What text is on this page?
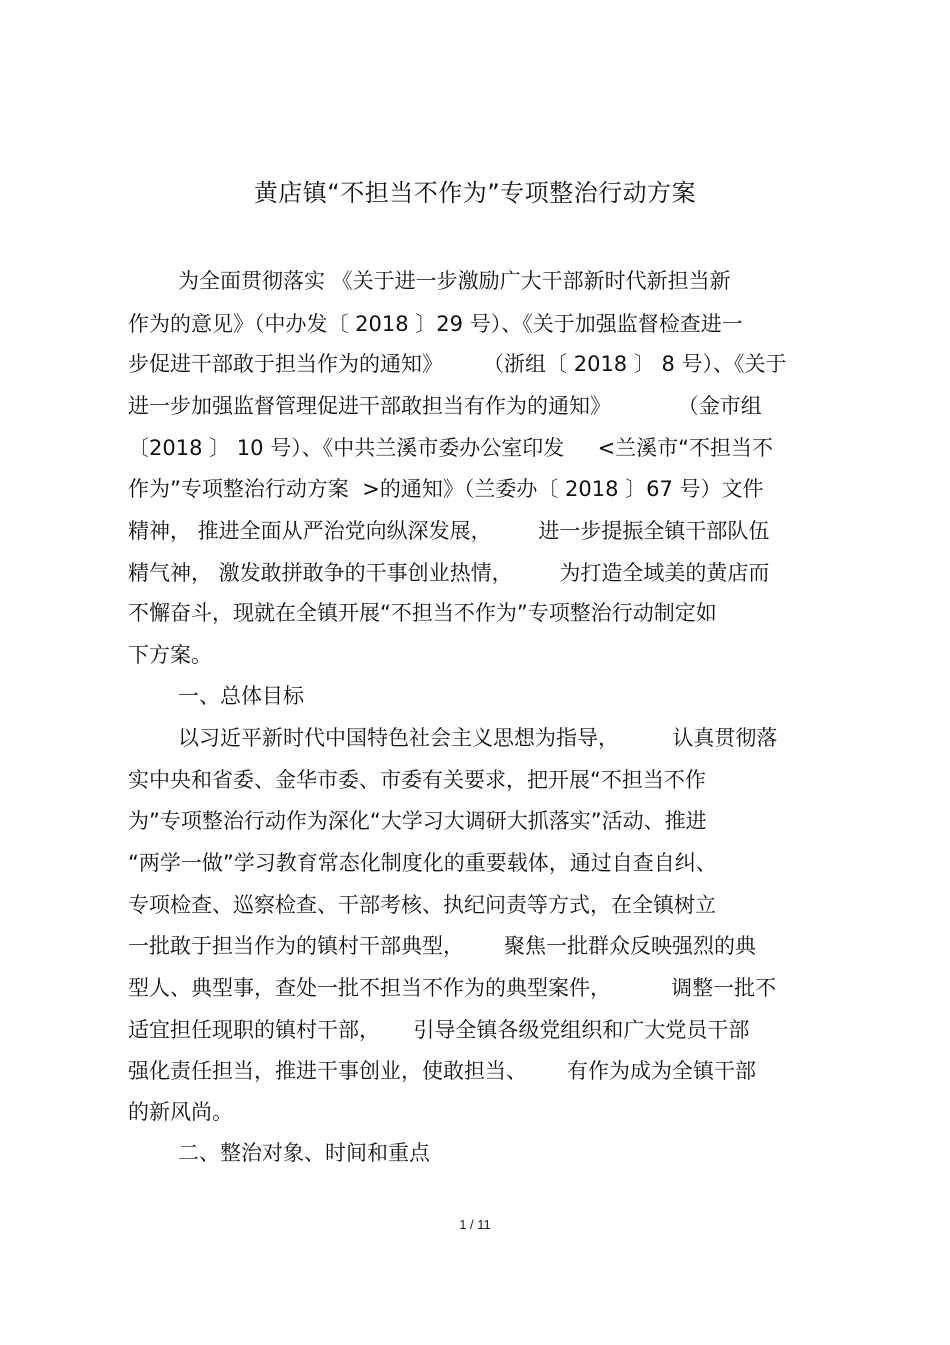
黄店镇“不担当不作为”专项整治行动方案
为全面贯彻落实 《关于进一步激励广大干部新时代新担当新
作为的意见》（中办发〔 2018 〕29 号）、《关于加强监督检查进一
步促进干部敢于担当作为的通知》      （浙组〔 2018 〕 8 号）、《关于
进一步加强监督管理促进干部敢担当有作为的通知》          （金市组
〔2018 〕 10 号）、《中共兰溪市委办公室印发     <兰溪市“不担当不
作为”专项整治行动方案  >的通知》（兰委办〔 2018 〕67 号）文件
精神， 推进全面从严治党向纵深发展，       进一步提振全镇干部队伍
精气神， 激发敢拼敢争的干事创业热情，       为打造全域美的黄店而
不懈奋斗，现就在全镇开展“不担当不作为”专项整治行动制定如
下方案。
一、总体目标
以习近平新时代中国特色社会主义思想为指导，        认真贯彻落
实中央和省委、金华市委、市委有关要求，把开展“不担当不作
为”专项整治行动作为深化“大学习大调研大抓落实”活动、推进
“两学一做”学习教育常态化制度化的重要载体，通过自查自纠、
专项检查、巡察检查、干部考核、执纪问责等方式，在全镇树立
一批敢于担当作为的镇村干部典型，      聚焦一批群众反映强烈的典
型人、典型事，查处一批不担当不作为的典型案件，         调整一批不
适宜担任现职的镇村干部，     引导全镇各级党组织和广大党员干部
强化责任担当，推进干事创业，使敢担当、      有作为成为全镇干部
的新风尚。
二、整治对象、时间和重点
1 / 11
